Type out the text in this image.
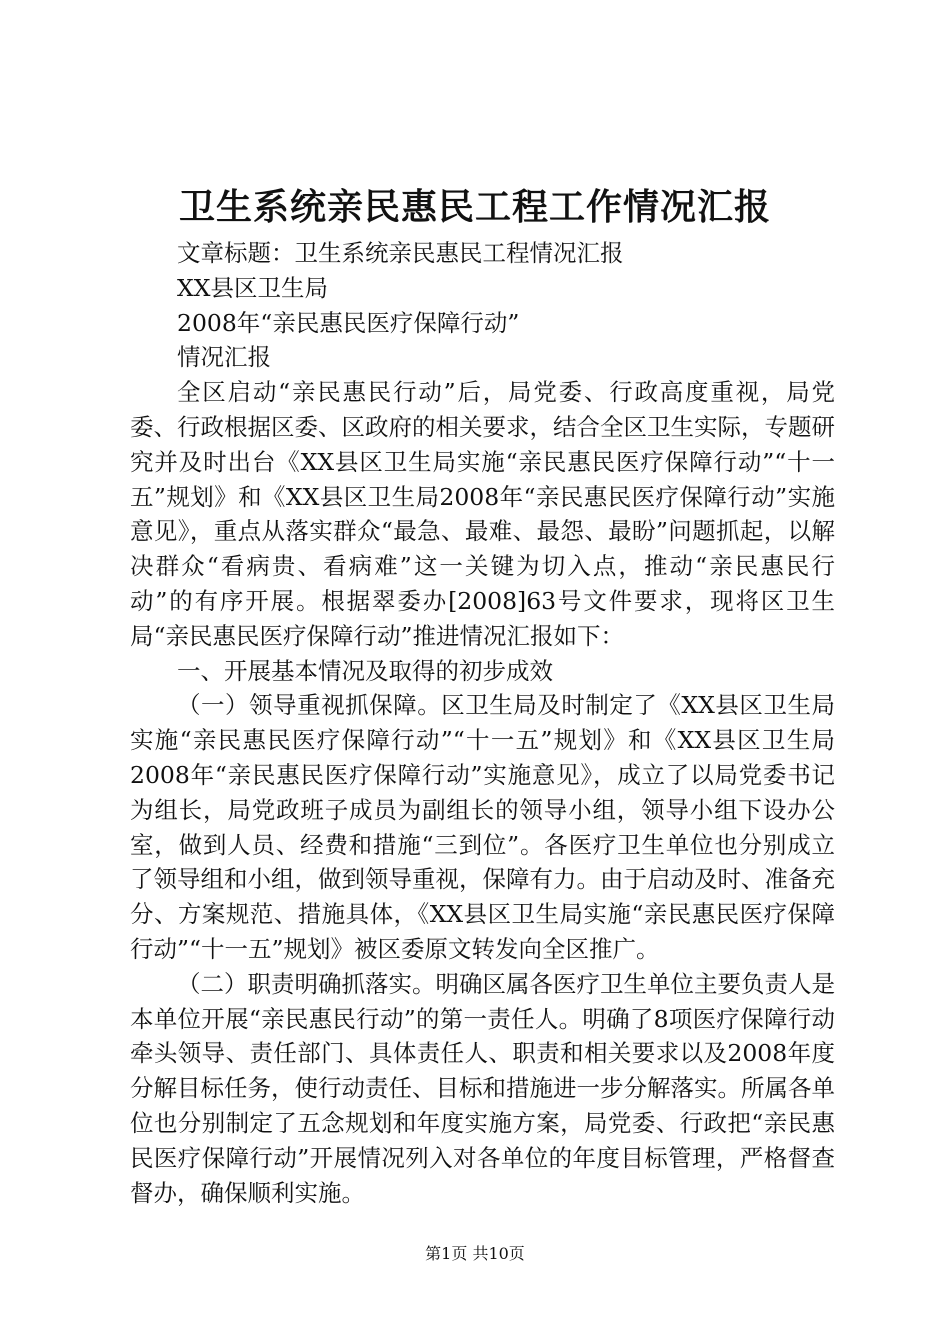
卫生系统亲民惠民工程工作情况汇报

文章标题：卫生系统亲民惠民工程情况汇报

XX县区卫生局

2008年“亲民惠民医疗保障行动”

情况汇报

全区启动“亲民惠民行动”后，局党委、行政高度重视，局党委、行政根据区委、区政府的相关要求，结合全区卫生实际，专题研究并及时出台《XX县区卫生局实施“亲民惠民医疗保障行动”“十一五”规划》和《XX县区卫生局2008年“亲民惠民医疗保障行动”实施意见》，重点从落实群众“最急、最难、最怨、最盼”问题抓起，以解决群众“看病贵、看病难”这一关键为切入点，推动“亲民惠民行动”的有序开展。根据翠委办[2008]63号文件要求，现将区卫生局“亲民惠民医疗保障行动”推进情况汇报如下：

一、开展基本情况及取得的初步成效

（一）领导重视抓保障。区卫生局及时制定了《XX县区卫生局实施“亲民惠民医疗保障行动”“十一五”规划》和《XX县区卫生局2008年“亲民惠民医疗保障行动”实施意见》，成立了以局党委书记为组长，局党政班子成员为副组长的领导小组，领导小组下设办公室，做到人员、经费和措施“三到位”。各医疗卫生单位也分别成立了领导组和小组，做到领导重视，保障有力。由于启动及时、准备充分、方案规范、措施具体，《XX县区卫生局实施“亲民惠民医疗保障行动”“十一五”规划》被区委原文转发向全区推广。

（二）职责明确抓落实。明确区属各医疗卫生单位主要负责人是本单位开展“亲民惠民行动”的第一责任人。明确了8项医疗保障行动牵头领导、责任部门、具体责任人、职责和相关要求以及2008年度分解目标任务，使行动责任、目标和措施进一步分解落实。所属各单位也分别制定了五念规划和年度实施方案，局党委、行政把“亲民惠民医疗保障行动”开展情况列入对各单位的年度目标管理，严格督查督办，确保顺利实施。

第1页 共10页
